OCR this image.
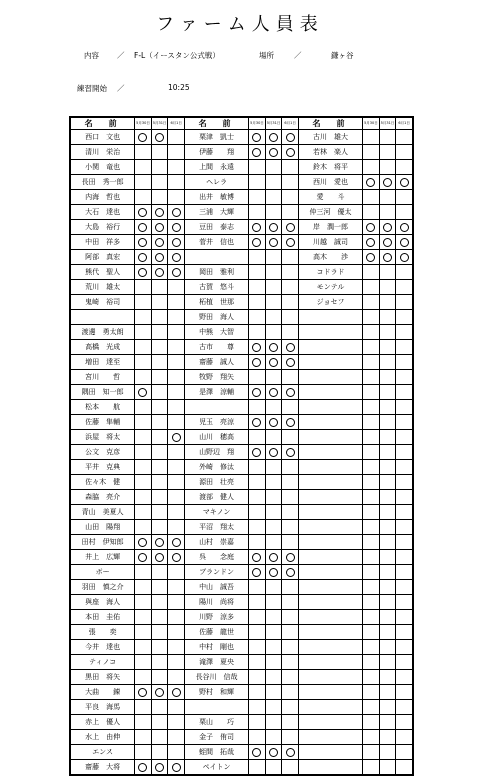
ファーム人員表
内容 ／ F-L（イースタン公式戦）	場所	／	鎌ヶ谷
練習開始 ／	10:25
名　前	5月30日	5月31日	6月1日	名　前	5月30日	5月31日	6月1日	名　前	5月30日	5月31日	6月1日
西口　文也				栗津　凱士				古川　雄大			
清川　栄治				伊藤　　翔				若林　楽人			
小関　竜也				上間　永遠				鈴木　将平			
長田　秀一郎				ヘレラ				西川　愛也			
内海　哲也				出井　敏博				愛　　斗			
大石　達也				三浦　大輝				仲三河　優太			
大島　裕行				豆田　泰志				岸　潤一郎			
中田　祥多				菅井　信也				川越　誠司			
阿部　真宏								高木　　渉			
熊代　聖人				岡田　雅利				コドラド			
荒川　雄太				古賀　悠斗				モンテル			
鬼崎　裕司				柘植　世那				ジョセフ			
				野田　海人							
渡邊　勇太朗				中熊　大智							
高橋　光成				古市　　尊							
増田　達至				齋藤　誠人							
宮川　　哲				牧野　翔矢							
隅田　知一郎				是澤　涼輔							
松本　　航											
佐藤　隼輔				児玉　亮涼							
浜屋　将太				山川　穂高							
公文　克彦				山野辺　翔							
平井　克典				外崎　修汰							
佐々木　健				源田　壮亮							
森脇　亮介				渡部　健人							
青山　美夏人				マキノン							
山田　陽翔				平沼　翔太							
田村　伊知郎				山村　崇嘉							
井上　広輝				呉　　念庭							
ボー				ブランドン							
羽田　慎之介				中山　誠吾							
與座　海人				陽川　尚将							
本田　圭佑				川野　涼多							
張　　奕				佐藤　龍世							
今井　達也				中村　剛也							
ティノコ				滝澤　夏央							
黒田　将矢				長谷川　信哉							
大曲　　錬				野村　和輝							
平良　海馬											
赤上　優人				栗山　　巧							
水上　由伸				金子　侑司							
エンス				蛭間　拓哉							
齋藤　大将				ペイトン							
